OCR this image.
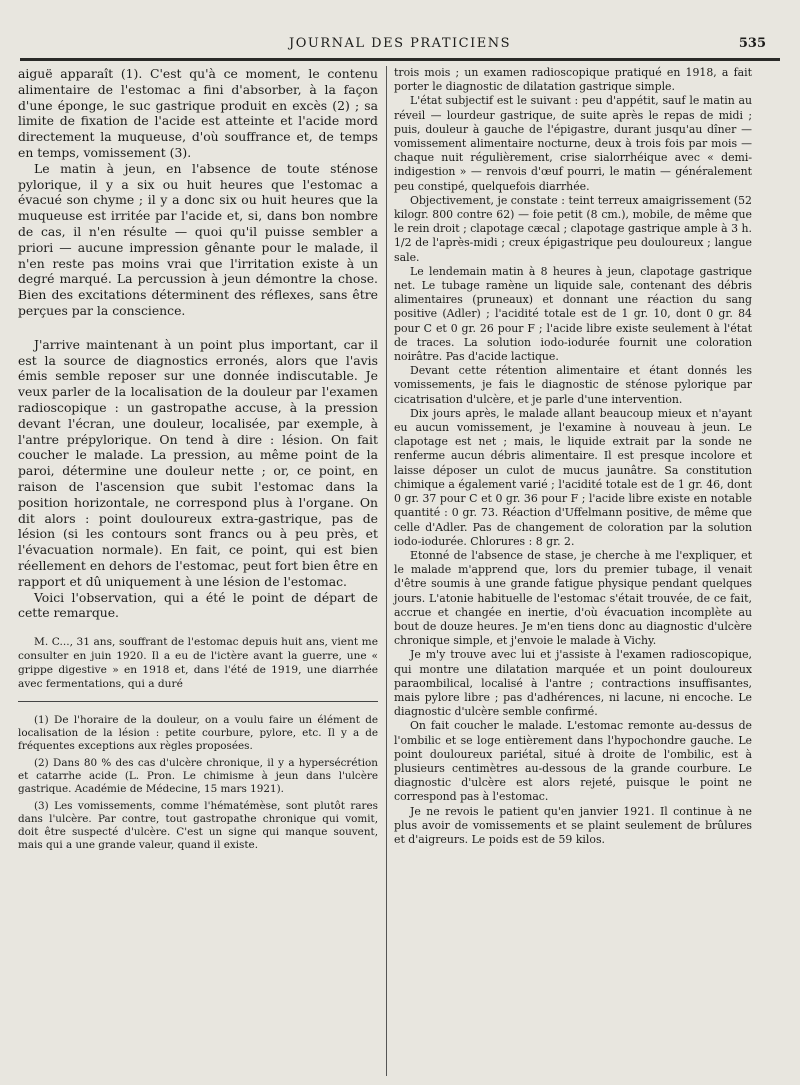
JOURNAL DES PRATICIENS	535

aiguë apparaît (1). C'est qu'à ce moment, le contenu alimentaire de l'estomac a fini d'absorber, à la façon d'une éponge, le suc gastrique produit en excès (2) ; sa limite de fixation de l'acide est atteinte et l'acide mord directement la muqueuse, d'où souffrance et, de temps en temps, vomissement (3).

Le matin à jeun, en l'absence de toute sténose pylorique, il y a six ou huit heures que l'estomac a évacué son chyme ; il y a donc six ou huit heures que la muqueuse est irritée par l'acide et, si, dans bon nombre de cas, il n'en résulte — quoi qu'il puisse sembler a priori — aucune impression gênante pour le malade, il n'en reste pas moins vrai que l'irritation existe à un degré marqué. La percussion à jeun démontre la chose. Bien des excitations déterminent des réflexes, sans être perçues par la conscience.

J'arrive maintenant à un point plus important, car il est la source de diagnostics erronés, alors que l'avis émis semble reposer sur une donnée indiscutable. Je veux parler de la localisation de la douleur par l'examen radioscopique : un gastropathe accuse, à la pression devant l'écran, une douleur, localisée, par exemple, à l'antre prépylorique. On tend à dire : lésion. On fait coucher le malade. La pression, au même point de la paroi, détermine une douleur nette ; or, ce point, en raison de l'ascension que subit l'estomac dans la position horizontale, ne correspond plus à l'organe. On dit alors : point douloureux extra-gastrique, pas de lésion (si les contours sont francs ou à peu près, et l'évacuation normale). En fait, ce point, qui est bien réellement en dehors de l'estomac, peut fort bien être en rapport et dû uniquement à une lésion de l'estomac.

Voici l'observation, qui a été le point de départ de cette remarque.

M. C..., 31 ans, souffrant de l'estomac depuis huit ans, vient me consulter en juin 1920. Il a eu de l'ictère avant la guerre, une « grippe digestive » en 1918 et, dans l'été de 1919, une diarrhée avec fermentations, qui a duré

(1) De l'horaire de la douleur, on a voulu faire un élément de localisation de la lésion : petite courbure, pylore, etc. Il y a de fréquentes exceptions aux règles proposées.

(2) Dans 80 % des cas d'ulcère chronique, il y a hypersécrétion et catarrhe acide (L. Pron. Le chimisme à jeun dans l'ulcère gastrique. Académie de Médecine, 15 mars 1921).

(3) Les vomissements, comme l'hématémèse, sont plutôt rares dans l'ulcère. Par contre, tout gastropathe chronique qui vomit, doit être suspecté d'ulcère. C'est un signe qui manque souvent, mais qui a une grande valeur, quand il existe.

trois mois ; un examen radioscopique pratiqué en 1918, a fait porter le diagnostic de dilatation gastrique simple.

L'état subjectif est le suivant : peu d'appétit, sauf le matin au réveil — lourdeur gastrique, de suite après le repas de midi ; puis, douleur à gauche de l'épigastre, durant jusqu'au dîner — vomissement alimentaire nocturne, deux à trois fois par mois — chaque nuit régulièrement, crise sialorrhéique avec « demi-indigestion » — renvois d'œuf pourri, le matin — généralement peu constipé, quelquefois diarrhée.

Objectivement, je constate : teint terreux amaigrissement (52 kilogr. 800 contre 62) — foie petit (8 cm.), mobile, de même que le rein droit ; clapotage cæcal ; clapotage gastrique ample à 3 h. 1/2 de l'après-midi ; creux épigastrique peu douloureux ; langue sale.

Le lendemain matin à 8 heures à jeun, clapotage gastrique net. Le tubage ramène un liquide sale, contenant des débris alimentaires (pruneaux) et donnant une réaction du sang positive (Adler) ; l'acidité totale est de 1 gr. 10, dont 0 gr. 84 pour C et 0 gr. 26 pour F ; l'acide libre existe seulement à l'état de traces. La solution iodo-iodurée fournit une coloration noirâtre. Pas d'acide lactique.

Devant cette rétention alimentaire et étant donnés les vomissements, je fais le diagnostic de sténose pylorique par cicatrisation d'ulcère, et je parle d'une intervention.

Dix jours après, le malade allant beaucoup mieux et n'ayant eu aucun vomissement, je l'examine à nouveau à jeun. Le clapotage est net ; mais, le liquide extrait par la sonde ne renferme aucun débris alimentaire. Il est presque incolore et laisse déposer un culot de mucus jaunâtre. Sa constitution chimique a également varié ; l'acidité totale est de 1 gr. 46, dont 0 gr. 37 pour C et 0 gr. 36 pour F ; l'acide libre existe en notable quantité : 0 gr. 73. Réaction d'Uffelmann positive, de même que celle d'Adler. Pas de changement de coloration par la solution iodo-iodurée. Chlorures : 8 gr. 2.

Etonné de l'absence de stase, je cherche à me l'expliquer, et le malade m'apprend que, lors du premier tubage, il venait d'être soumis à une grande fatigue physique pendant quelques jours. L'atonie habituelle de l'estomac s'était trouvée, de ce fait, accrue et changée en inertie, d'où évacuation incomplète au bout de douze heures. Je m'en tiens donc au diagnostic d'ulcère chronique simple, et j'envoie le malade à Vichy.

Je m'y trouve avec lui et j'assiste à l'examen radioscopique, qui montre une dilatation marquée et un point douloureux paraombilical, localisé à l'antre ; contractions insuffisantes, mais pylore libre ; pas d'adhérences, ni lacune, ni encoche. Le diagnostic d'ulcère semble confirmé.

On fait coucher le malade. L'estomac remonte au-dessus de l'ombilic et se loge entièrement dans l'hypochondre gauche. Le point douloureux pariétal, situé à droite de l'ombilic, est à plusieurs centimètres au-dessous de la grande courbure. Le diagnostic d'ulcère est alors rejeté, puisque le point ne correspond pas à l'estomac.

Je ne revois le patient qu'en janvier 1921. Il continue à ne plus avoir de vomissements et se plaint seulement de brûlures et d'aigreurs. Le poids est de 59 kilos.
